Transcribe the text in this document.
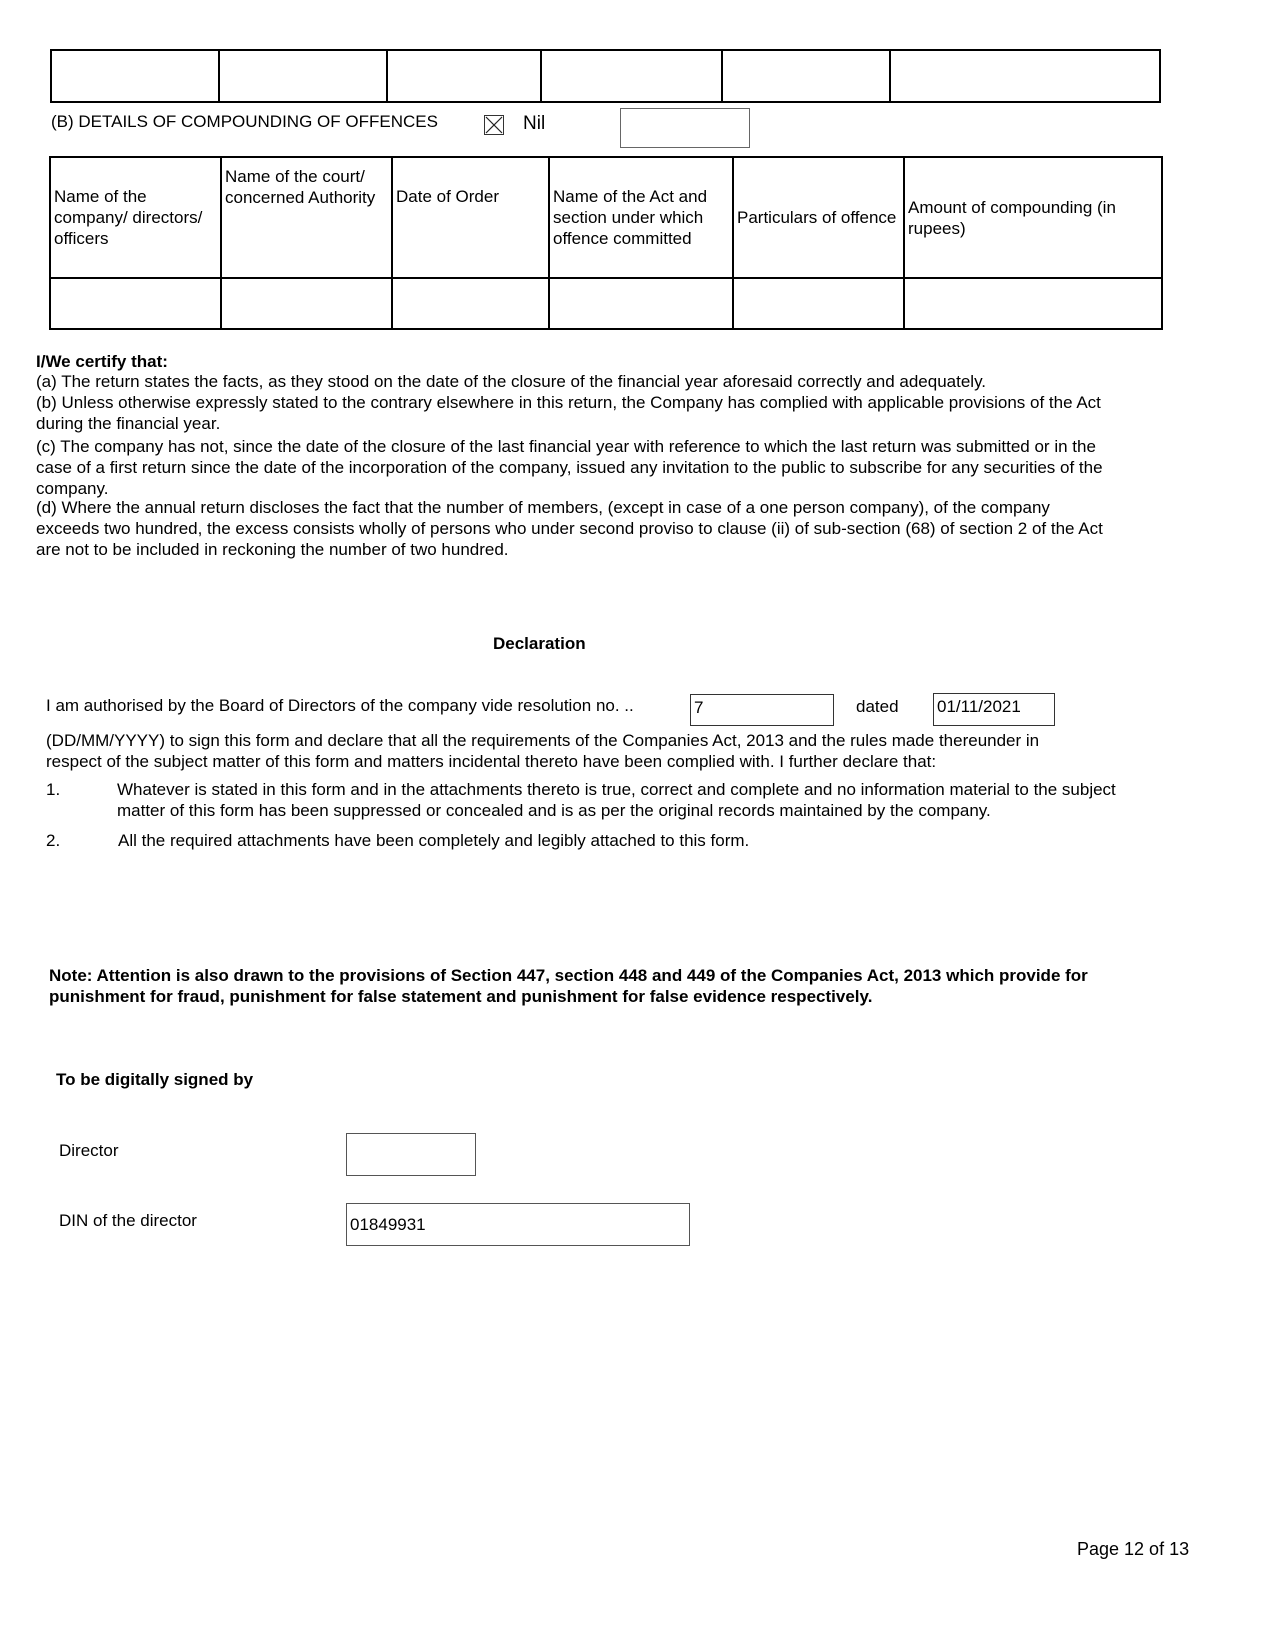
(B) DETAILS OF COMPOUNDING OF OFFENCES	Nil
Name of the company/ directors/ officers	Name of the court/ concerned Authority	Date of Order	Name of the Act and section under which offence committed	Particulars of offence	Amount of compounding (in rupees)

I/We certify that:
(a) The return states the facts, as they stood on the date of the closure of the financial year aforesaid correctly and adequately.
(b) Unless otherwise expressly stated to the contrary elsewhere in this return, the Company has complied with applicable provisions of the Act during the financial year.
(c) The company has not, since the date of the closure of the last financial year with reference to which the last return was submitted or in the case of a first return since the date of the incorporation of the company, issued any invitation to the public to subscribe for any securities of the company.
(d) Where the annual return discloses the fact that the number of members, (except in case of a one person company), of the company exceeds two hundred, the excess consists wholly of persons who under second proviso to clause (ii) of sub-section (68) of section 2 of the Act are not to be included in reckoning the number of two hundred.
Declaration
I am authorised by the Board of Directors of the company vide resolution no. ..	7	dated 01/11/2021
(DD/MM/YYYY) to sign this form and declare that all the requirements of the Companies Act, 2013 and the rules made thereunder in respect of the subject matter of this form and matters incidental thereto have been complied with. I further declare that:
1.	Whatever is stated in this form and in the attachments thereto is true, correct and complete and no information material to the subject matter of this form has been suppressed or concealed and is as per the original records maintained by the company.
2.	All the required attachments have been completely and legibly attached to this form.
Note: Attention is also drawn to the provisions of Section 447, section 448 and 449 of the Companies Act, 2013 which provide for punishment for fraud, punishment for false statement and punishment for false evidence respectively.
To be digitally signed by
Director
DIN of the director	01849931
Page 12 of 13
